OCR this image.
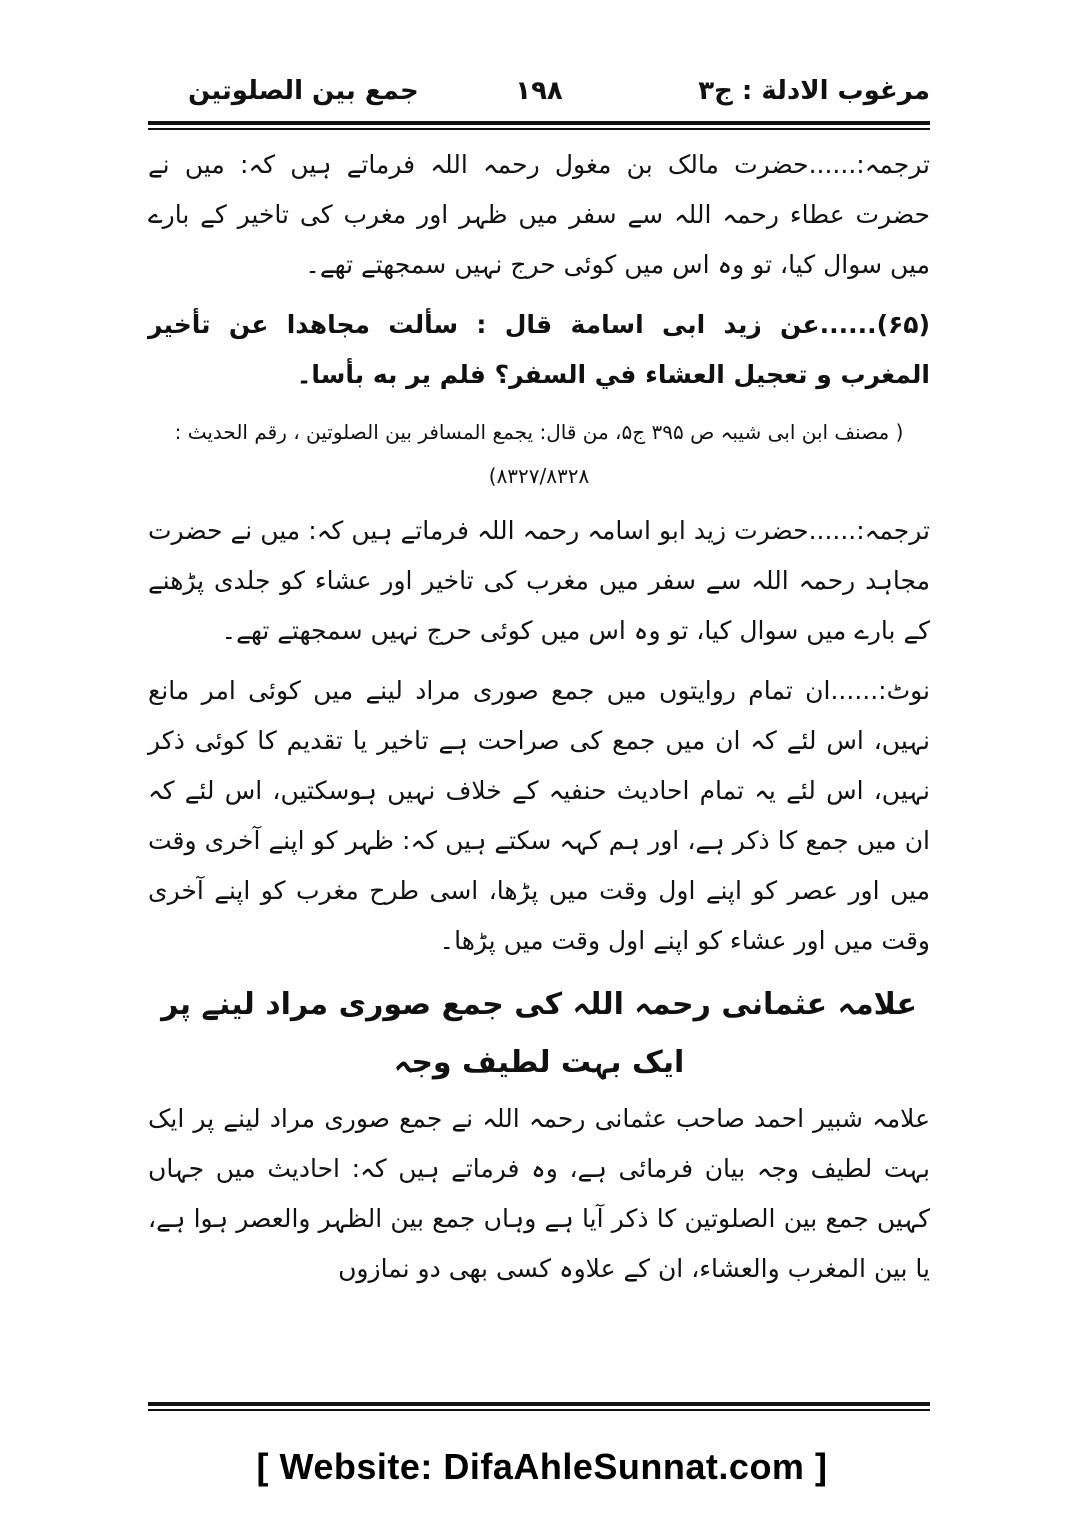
مرغوب الادلة : ج۳
۱۹۸
جمع بین الصلوتین

ترجمہ:......حضرت مالک بن مغول رحمہ اللہ فرماتے ہیں کہ: میں نے حضرت عطاء رحمہ اللہ سے سفر میں ظہر اور مغرب کی تاخیر کے بارے میں سوال کیا، تو وہ اس میں کوئی حرج نہیں سمجھتے تھے۔

(۶۵)......عن زید ابی اسامة قال : سألت مجاهدا عن تأخير المغرب و تعجيل العشاء في السفر؟ فلم ير به بأسا۔

( مصنف ابن ابی شیبہ ص ۳۹۵ ج۵، من قال: يجمع المسافر بين الصلوتين ، رقم الحديث :
۸۳۲۷/۸۳۲۸)

ترجمہ:......حضرت زید ابو اسامہ رحمہ اللہ فرماتے ہیں کہ: میں نے حضرت مجاہد رحمہ اللہ سے سفر میں مغرب کی تاخیر اور عشاء کو جلدی پڑھنے کے بارے میں سوال کیا، تو وہ اس میں کوئی حرج نہیں سمجھتے تھے۔

نوٹ:......ان تمام روایتوں میں جمع صوری مراد لینے میں کوئی امر مانع نہیں، اس لئے کہ ان میں جمع کی صراحت ہے تاخیر یا تقدیم کا کوئی ذکر نہیں، اس لئے یہ تمام احادیث حنفیہ کے خلاف نہیں ہوسکتیں، اس لئے کہ ان میں جمع کا ذکر ہے، اور ہم کہہ سکتے ہیں کہ: ظہر کو اپنے آخری وقت میں اور عصر کو اپنے اول وقت میں پڑھا، اسی طرح مغرب کو اپنے آخری وقت میں اور عشاء کو اپنے اول وقت میں پڑھا۔

علامہ عثمانی رحمہ اللہ کی جمع صوری مراد لینے پر ایک بہت لطیف وجہ

علامہ شبیر احمد صاحب عثمانی رحمہ اللہ نے جمع صوری مراد لینے پر ایک بہت لطیف وجہ بیان فرمائی ہے، وہ فرماتے ہیں کہ: احادیث میں جہاں کہیں جمع بین الصلوتین کا ذکر آیا ہے وہاں جمع بین الظہر والعصر ہوا ہے، یا بین المغرب والعشاء، ان کے علاوہ کسی بھی دو نمازوں

[ Website: DifaAhleSunnat.com ]
